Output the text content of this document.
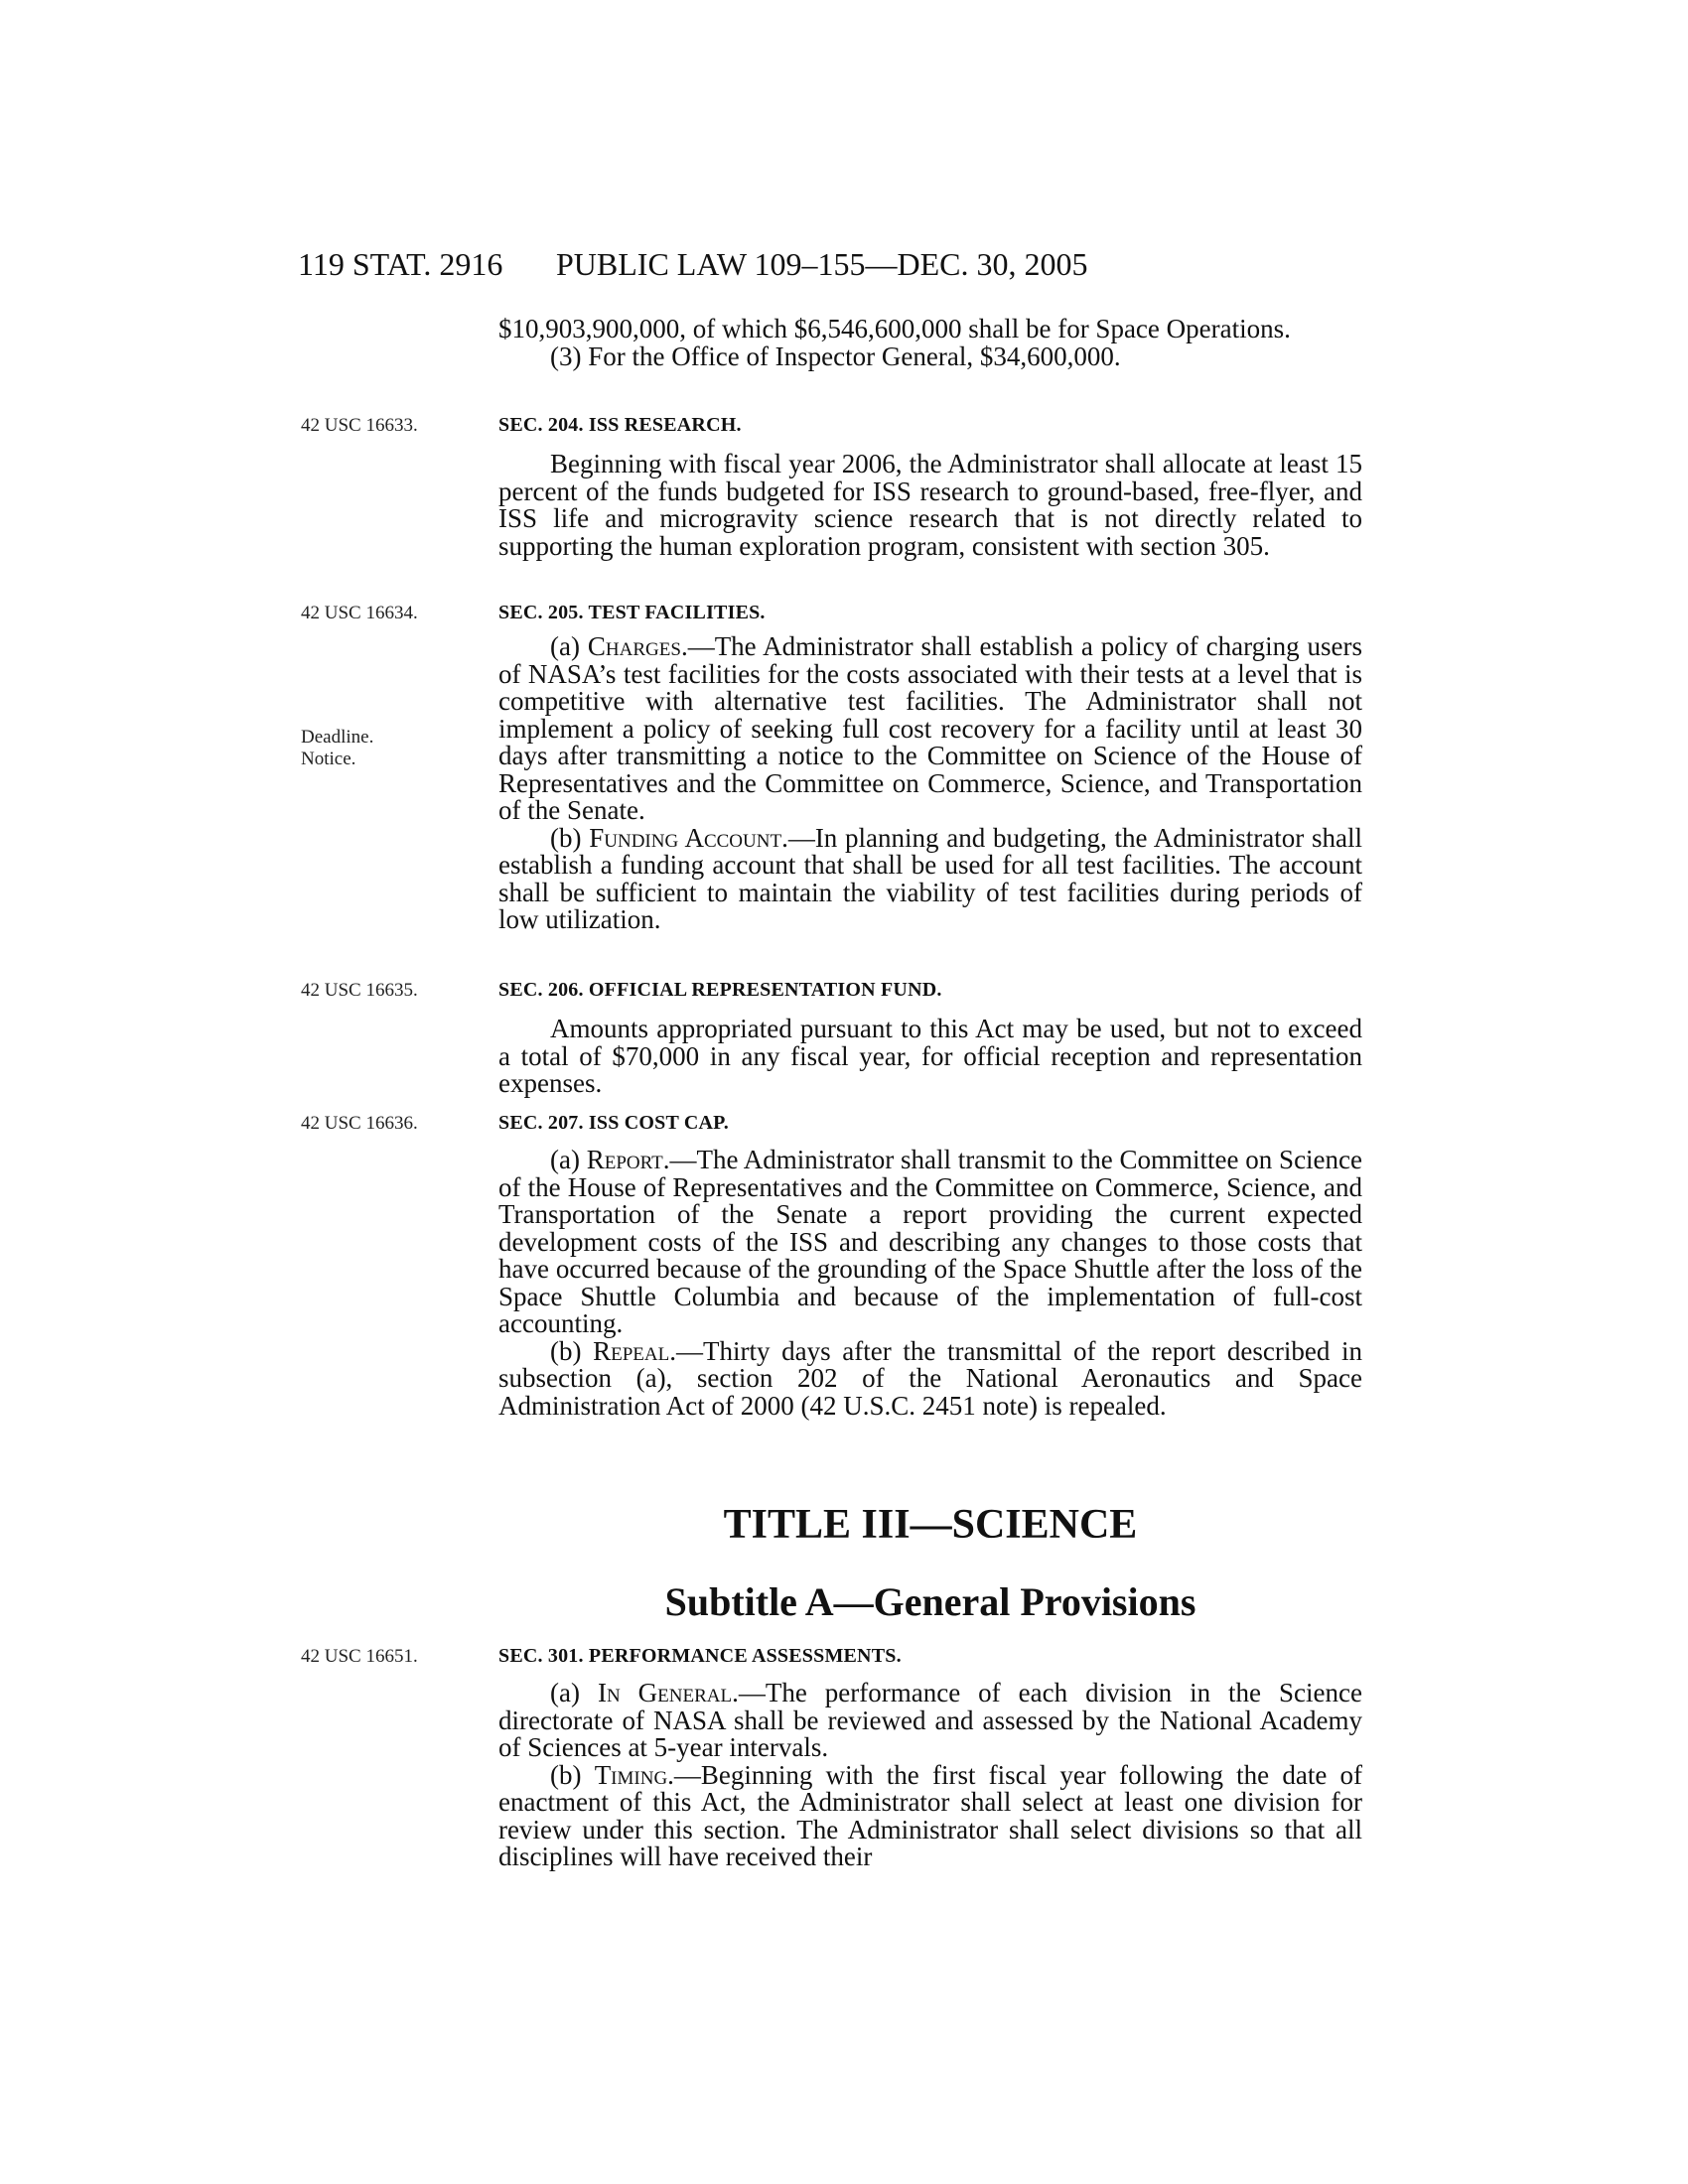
119 STAT. 2916 PUBLIC LAW 109–155—DEC. 30, 2005

$10,903,900,000, of which $6,546,600,000 shall be for Space Operations.

(3) For the Office of Inspector General, $34,600,000.

42 USC 16633.	SEC. 204. ISS RESEARCH.

Beginning with fiscal year 2006, the Administrator shall allocate at least 15 percent of the funds budgeted for ISS research to ground-based, free-flyer, and ISS life and microgravity science research that is not directly related to supporting the human exploration program, consistent with section 305.

42 USC 16634.	SEC. 205. TEST FACILITIES.
Deadline.
Notice.

(a) Charges.—The Administrator shall establish a policy of charging users of NASA’s test facilities for the costs associated with their tests at a level that is competitive with alternative test facilities. The Administrator shall not implement a policy of seeking full cost recovery for a facility until at least 30 days after transmitting a notice to the Committee on Science of the House of Representatives and the Committee on Commerce, Science, and Transportation of the Senate.

(b) Funding Account.—In planning and budgeting, the Administrator shall establish a funding account that shall be used for all test facilities. The account shall be sufficient to maintain the viability of test facilities during periods of low utilization.

42 USC 16635.	SEC. 206. OFFICIAL REPRESENTATION FUND.

Amounts appropriated pursuant to this Act may be used, but not to exceed a total of $70,000 in any fiscal year, for official reception and representation expenses.

42 USC 16636.	SEC. 207. ISS COST CAP.

(a) Report.—The Administrator shall transmit to the Committee on Science of the House of Representatives and the Committee on Commerce, Science, and Transportation of the Senate a report providing the current expected development costs of the ISS and describing any changes to those costs that have occurred because of the grounding of the Space Shuttle after the loss of the Space Shuttle Columbia and because of the implementation of full-cost accounting.

(b) Repeal.—Thirty days after the transmittal of the report described in subsection (a), section 202 of the National Aeronautics and Space Administration Act of 2000 (42 U.S.C. 2451 note) is repealed.

TITLE III—SCIENCE
Subtitle A—General Provisions
42 USC 16651.	SEC. 301. PERFORMANCE ASSESSMENTS.

(a) In General.—The performance of each division in the Science directorate of NASA shall be reviewed and assessed by the National Academy of Sciences at 5-year intervals.

(b) Timing.—Beginning with the first fiscal year following the date of enactment of this Act, the Administrator shall select at least one division for review under this section. The Administrator shall select divisions so that all disciplines will have received their
